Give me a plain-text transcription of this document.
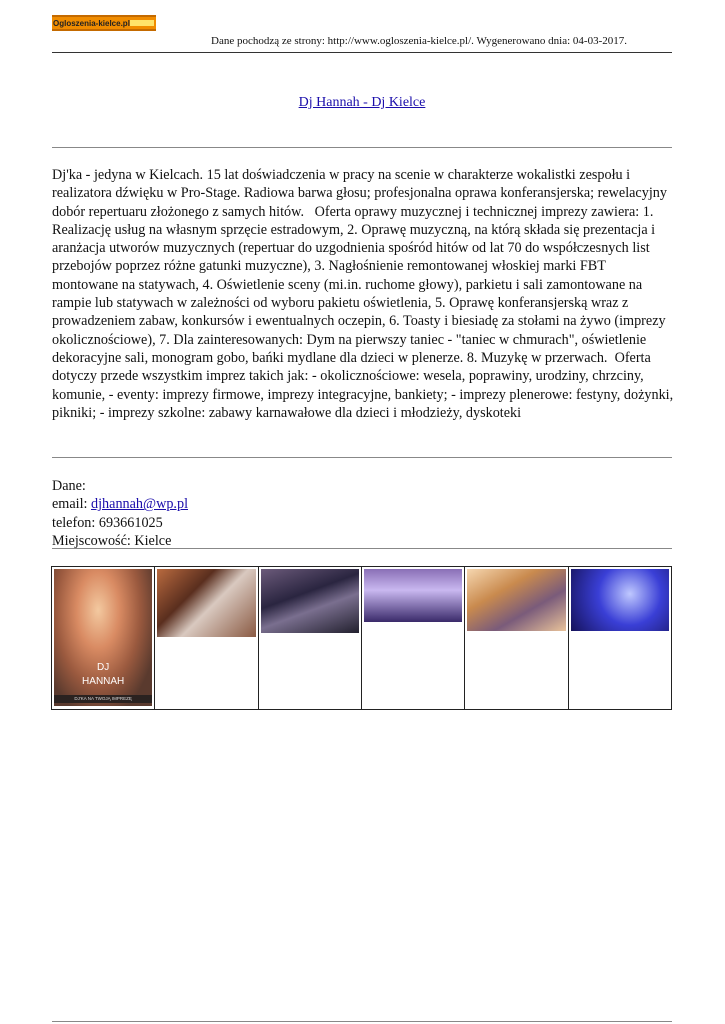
Ogloszenia-kielce.pl
Dane pochodzą ze strony: http://www.ogloszenia-kielce.pl/. Wygenerowano dnia: 04-03-2017.
Dj Hannah - Dj Kielce
Dj'ka - jedyna w Kielcach. 15 lat doświadczenia w pracy na scenie w charakterze wokalistki zespołu i realizatora dźwięku w Pro-Stage. Radiowa barwa głosu; profesjonalna oprawa konferansjerska; rewelacyjny dobór repertuaru złożonego z samych hitów.   Oferta oprawy muzycznej i technicznej imprezy zawiera: 1. Realizację usług na własnym sprzęcie estradowym, 2. Oprawę muzyczną, na którą składa się prezentacja i aranżacja utworów muzycznych (repertuar do uzgodnienia spośród hitów od lat 70 do współczesnych list przebojów poprzez różne gatunki muzyczne), 3. Nagłośnienie remontowanej włoskiej marki FBT montowane na statywach, 4. Oświetlenie sceny (mi.in. ruchome głowy), parkietu i sali zamontowane na rampie lub statywach w zależności od wyboru pakietu oświetlenia, 5. Oprawę konferansjerską wraz z prowadzeniem zabaw, konkursów i ewentualnych oczepin, 6. Toasty i biesiadę za stołami na żywo (imprezy okolicznościowe), 7. Dla zainteresowanych: Dym na pierwszy taniec - "taniec w chmurach", oświetlenie dekoracyjne sali, monogram gobo, bańki mydlane dla dzieci w plenerze. 8. Muzykę w przerwach.  Oferta dotyczy przede wszystkim imprez takich jak: - okolicznościowe: wesela, poprawiny, urodziny, chrzciny, komunie, - eventy: imprezy firmowe, imprezy integracyjne, bankiety; - imprezy plenerowe: festyny, dożynki, pikniki; - imprezy szkolne: zabawy karnawałowe dla dzieci i młodzieży, dyskoteki
Dane:
email: djhannah@wp.pl
telefon: 693661025
Miejscowość: Kielce
DJ
HANNAH
DJ'KA NA TWOJĄ IMPREZĘ
